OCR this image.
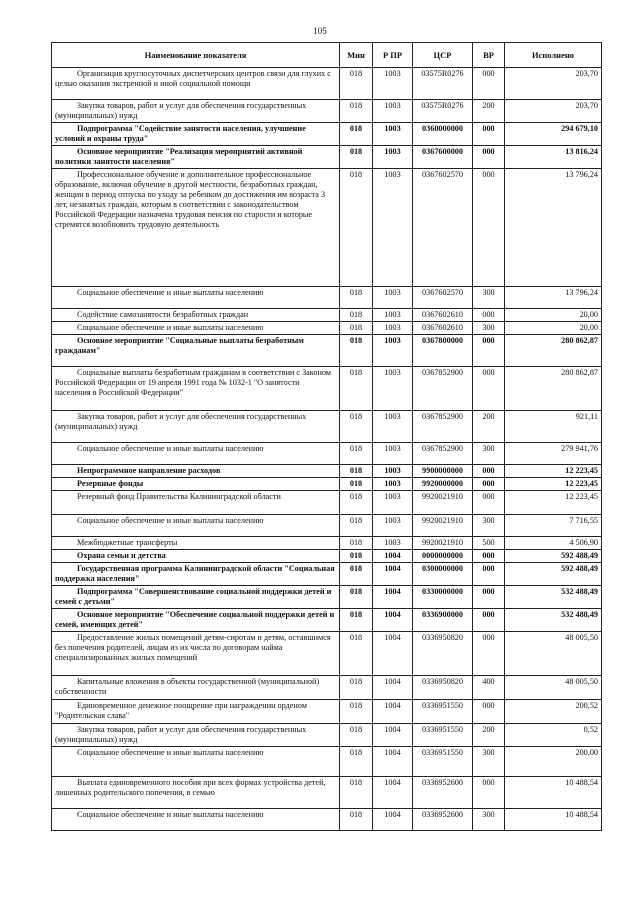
105
Наименование показателя	Мин	Р ПР	ЦСР	ВР	Исполнено

Организация круглосуточных диспетчерских центров связи для глухих с целью оказания экстренной и иной социальной помощи	018	1003	03575R0276	000	203,70

Закупка товаров, работ и услуг для обеспечения государственных (муниципальных) нужд	018	1003	03575R0276	200	203,70

Подпрограмма "Содействие занятости населения, улучшение условий и охраны труда"	018	1003	0360000000	000	294 679,10

Основное мероприятие "Реализация мероприятий активной политики занятости населения"	018	1003	0367600000	000	13 816,24

Профессиональное обучение и дополнительное профессиональное образование, включая обучение в другой местности, безработных граждан, женщин в период отпуска по уходу за ребенком до достижения им возраста 3 лет, незанятых граждан, которым в соответствии с законодательством Российской Федерации назначена трудовая пенсия по старости и которые стремятся возобновить трудовую деятельность	018	1003	0367602570	000	13 796,24

Социальное обеспечение и иные выплаты населению	018	1003	0367602570	300	13 796,24

Содействие самозанятости безработных граждан	018	1003	0367602610	000	20,00

Социальное обеспечение и иные выплаты населению	018	1003	0367602610	300	20,00

Основное мероприятие "Социальные выплаты безработным гражданам"	018	1003	0367800000	000	280 862,87

Социальные выплаты безработным гражданам в соответствии с Законом Российской Федерации от 19 апреля 1991 года № 1032-1 "О занятости населения в Российской Федерации"	018	1003	0367852900	000	280 862,87

Закупка товаров, работ и услуг для обеспечения государственных (муниципальных) нужд	018	1003	0367852900	200	921,11

Социальное обеспечение и иные выплаты населению	018	1003	0367852900	300	279 941,76

Непрограммное направление расходов	018	1003	9900000000	000	12 223,45

Резервные фонды	018	1003	9920000000	000	12 223,45

Резервный фонд Правительства Калининградской области	018	1003	9920021910	000	12 223,45

Социальное обеспечение и иные выплаты населению	018	1003	9920021910	300	7 716,55

Межбюджетные трансферты	018	1003	9920021910	500	4 506,90

Охрана семьи и детства	018	1004	0000000000	000	592 488,49

Государственная программа Калининградской области "Социальная поддержка населения"	018	1004	0300000000	000	592 488,49

Подпрограмма "Совершенствование социальной поддержки детей и семей с детьми"	018	1004	0330000000	000	532 488,49

Основное мероприятие "Обеспечение социальной поддержки детей и семей, имеющих детей"	018	1004	0336900000	000	532 488,49

Предоставление жилых помещений детям-сиротам и детям, оставшимся без попечения родителей, лицам из их числа по договорам найма специализированных жилых помещений	018	1004	0336950820	000	48 005,50

Капитальные вложения в объекты государственной (муниципальной) собственности	018	1004	0336950820	400	48 005,50

Единовременное денежное поощрение при награждении орденом "Родительская слава"	018	1004	0336951550	000	200,52

Закупка товаров, работ и услуг для обеспечения государственных (муниципальных) нужд	018	1004	0336951550	200	0,52

Социальное обеспечение и иные выплаты населению	018	1004	0336951550	300	200,00

Выплата единовременного пособия при всех формах устройства детей, лишенных родительского попечения, в семью	018	1004	0336952600	000	10 488,54

Социальное обеспечение и иные выплаты населению	018	1004	0336952600	300	10 488,54
